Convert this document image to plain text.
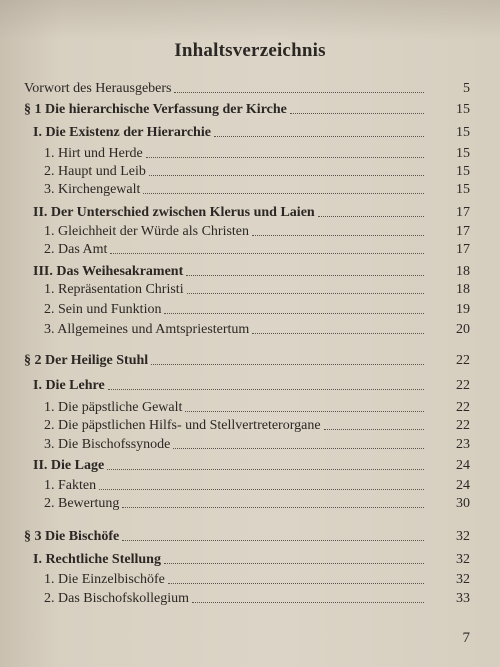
Inhaltsverzeichnis
Vorwort des Herausgebers	5
§ 1 Die hierarchische Verfassung der Kirche	15
I. Die Existenz der Hierarchie	15
1. Hirt und Herde	15
2. Haupt und Leib	15
3. Kirchengewalt	15
II. Der Unterschied zwischen Klerus und Laien	17
1. Gleichheit der Würde als Christen	17
2. Das Amt	17
III. Das Weihesakrament	18
1. Repräsentation Christi	18
2. Sein und Funktion	19
3. Allgemeines und Amtspriestertum	20
§ 2 Der Heilige Stuhl	22
I. Die Lehre	22
1. Die päpstliche Gewalt	22
2. Die päpstlichen Hilfs- und Stellvertreterorgane	22
3. Die Bischofssynode	23
II. Die Lage	24
1. Fakten	24
2. Bewertung	30
§ 3 Die Bischöfe	32
I. Rechtliche Stellung	32
1. Die Einzelbischöfe	32
2. Das Bischofskollegium	33
7
